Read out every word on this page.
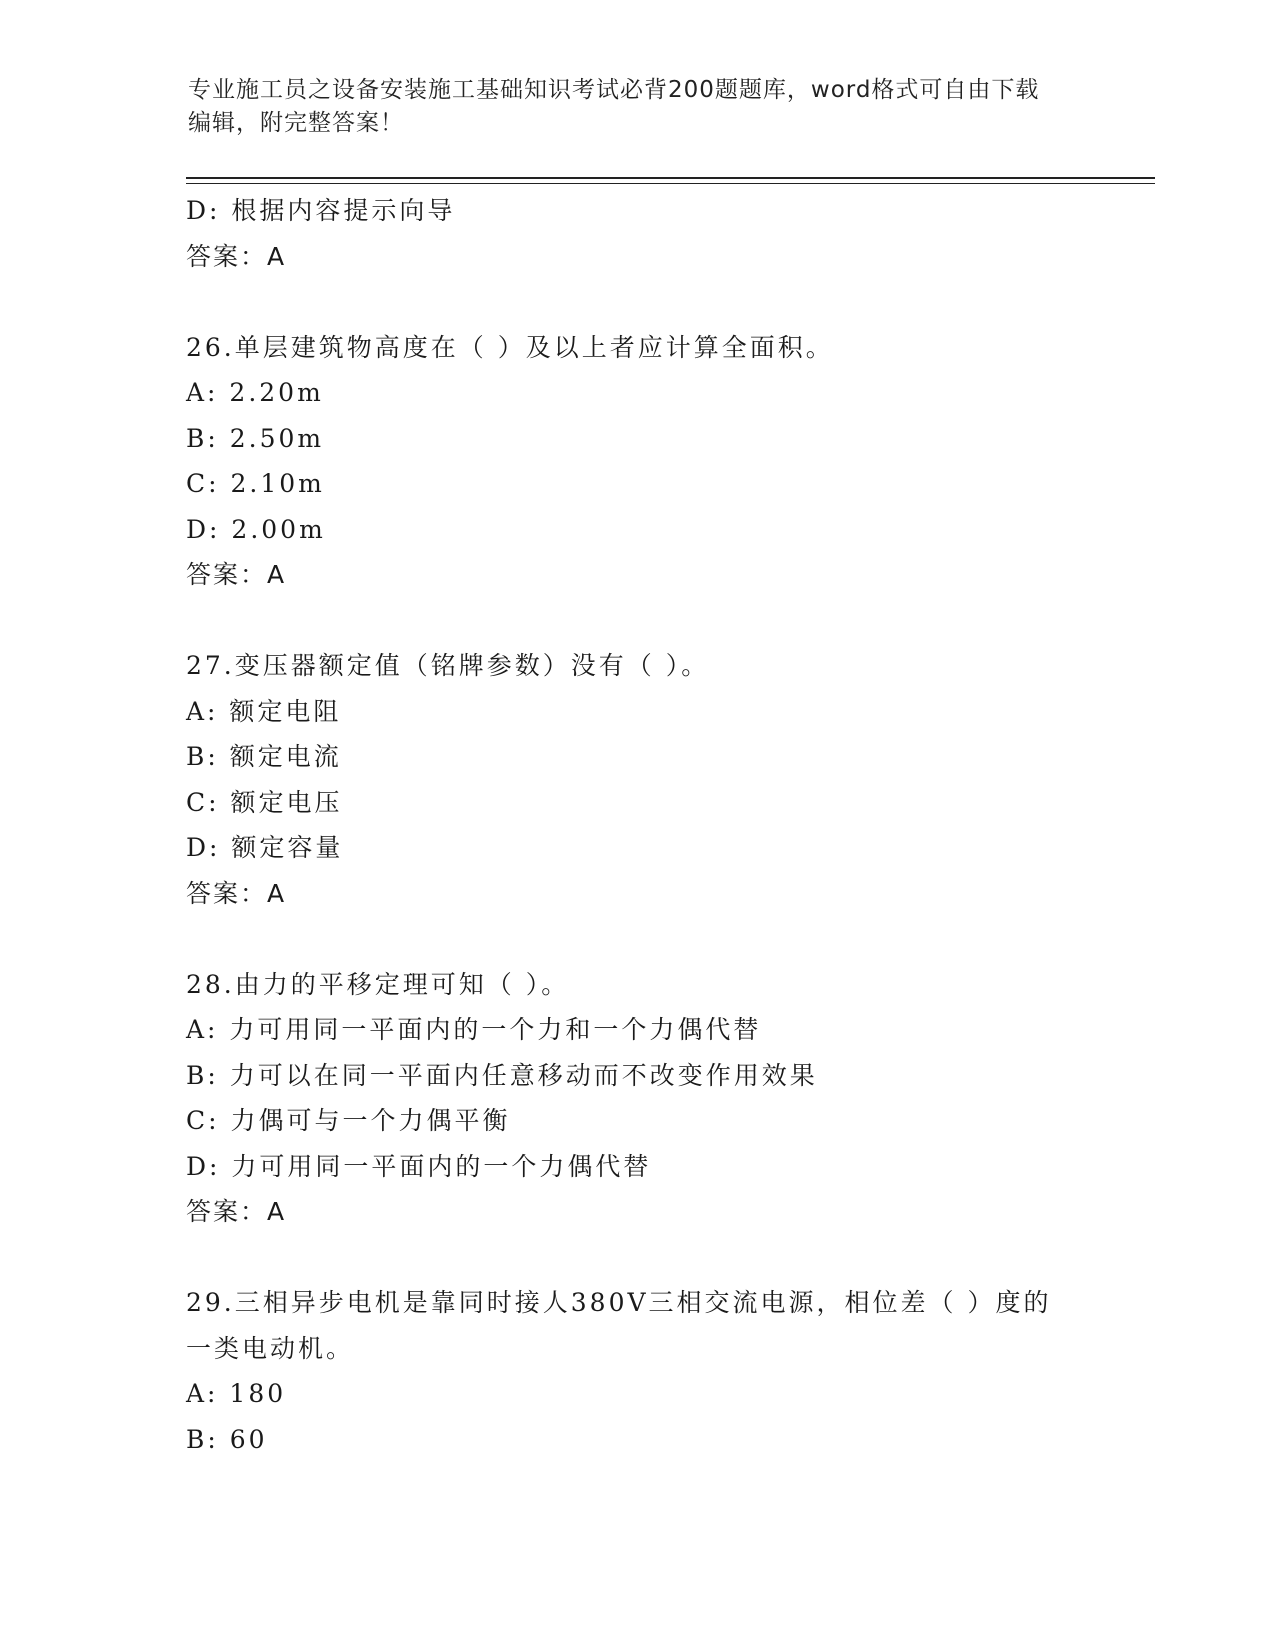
专业施工员之设备安装施工基础知识考试必背200题题库，word格式可自由下载
编辑，附完整答案！
D: 根据内容提示向导
答案：A
26.单层建筑物高度在（ ）及以上者应计算全面积。
A: 2.20m
B: 2.50m
C: 2.10m
D: 2.00m
答案：A
27.变压器额定值（铭牌参数）没有（ ）。
A: 额定电阻
B: 额定电流
C: 额定电压
D: 额定容量
答案：A
28.由力的平移定理可知（ ）。
A: 力可用同一平面内的一个力和一个力偶代替
B: 力可以在同一平面内任意移动而不改变作用效果
C: 力偶可与一个力偶平衡
D: 力可用同一平面内的一个力偶代替
答案：A
29.三相异步电机是靠同时接人380V三相交流电源，相位差（ ）度的
一类电动机。
A: 180
B: 60
